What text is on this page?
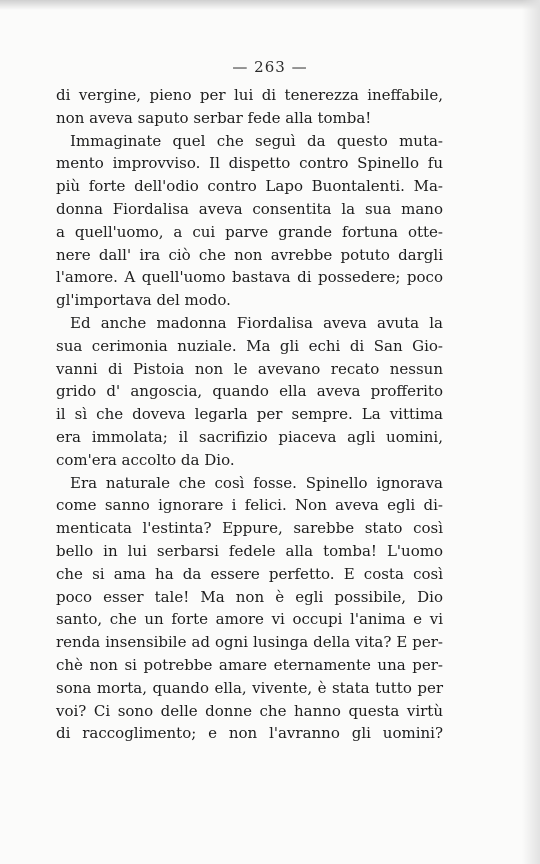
— 263 —
di vergine, pieno per lui di tenerezza ineffabile,
non aveva saputo serbar fede alla tomba!
Immaginate quel che seguì da questo muta-
mento improvviso. Il dispetto contro Spinello fu
più forte dell'odio contro Lapo Buontalenti. Ma-
donna Fiordalisa aveva consentita la sua mano
a quell'uomo, a cui parve grande fortuna otte-
nere dall' ira ciò che non avrebbe potuto dargli
l'amore. A quell'uomo bastava di possedere; poco
gl'importava del modo.
Ed anche madonna Fiordalisa aveva avuta la
sua cerimonia nuziale. Ma gli echi di San Gio-
vanni di Pistoia non le avevano recato nessun
grido d' angoscia, quando ella aveva profferito
il sì che doveva legarla per sempre. La vittima
era immolata; il sacrifizio piaceva agli uomini,
com'era accolto da Dio.
Era naturale che così fosse. Spinello ignorava
come sanno ignorare i felici. Non aveva egli di-
menticata l'estinta? Eppure, sarebbe stato così
bello in lui serbarsi fedele alla tomba! L'uomo
che si ama ha da essere perfetto. E costa così
poco esser tale! Ma non è egli possibile, Dio
santo, che un forte amore vi occupi l'anima e vi
renda insensibile ad ogni lusinga della vita? E per-
chè non si potrebbe amare eternamente una per-
sona morta, quando ella, vivente, è stata tutto per
voi? Ci sono delle donne che hanno questa virtù
di raccoglimento; e non l'avranno gli uomini?
